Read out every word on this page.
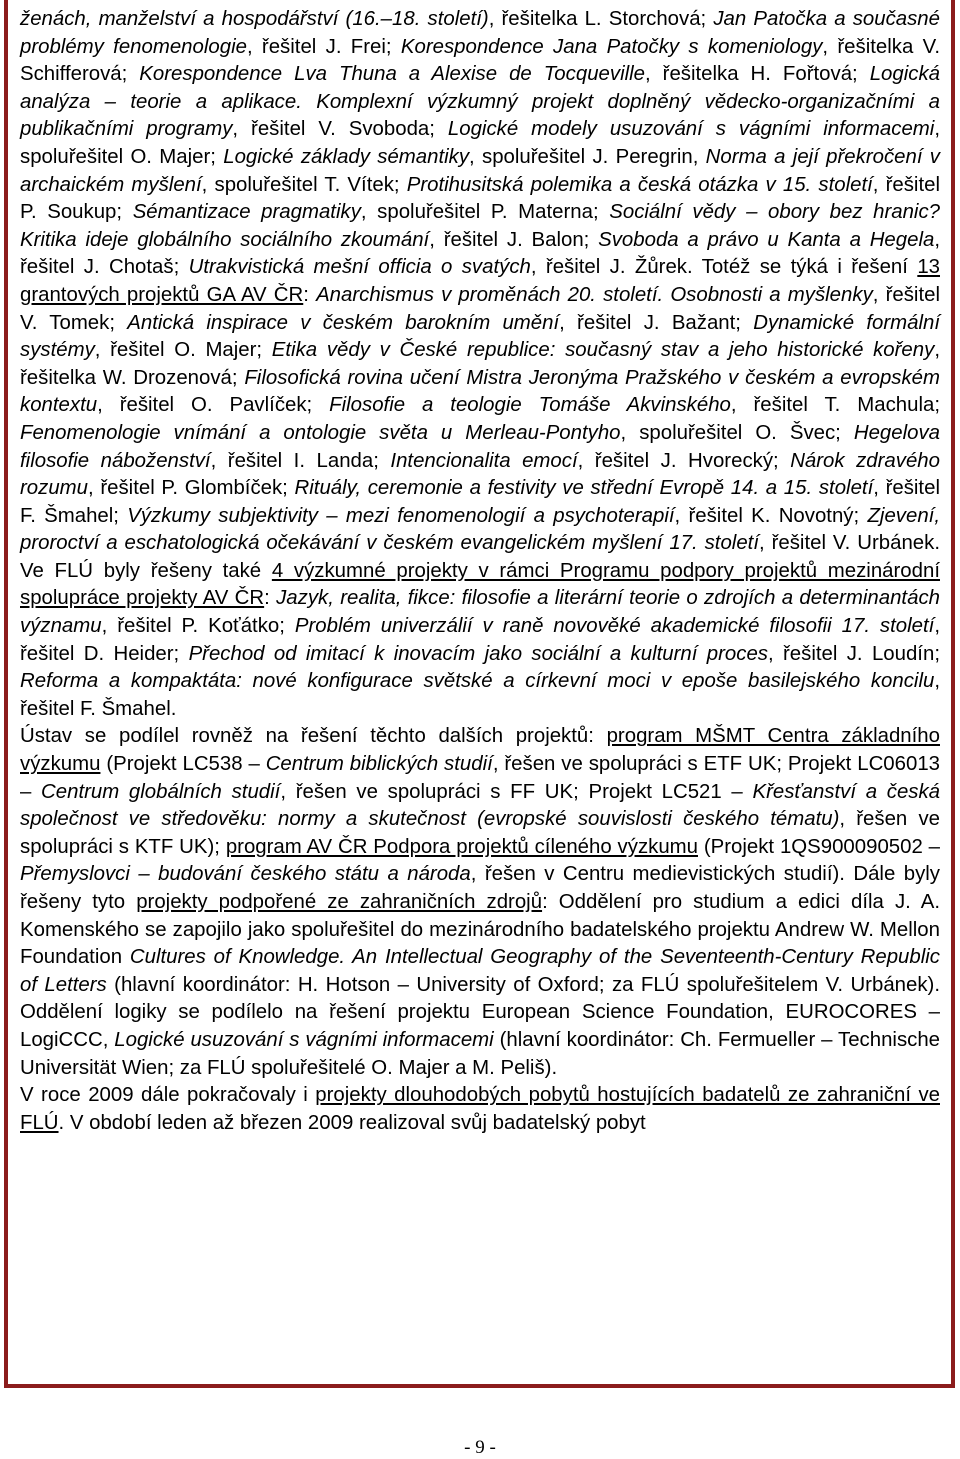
ženách, manželství a hospodářství (16.–18. století), řešitelka L. Storchová; Jan Patočka a současné problémy fenomenologie, řešitel J. Frei; Korespondence Jana Patočky s komeniology, řešitelka V. Schifferová; Korespondence Lva Thuna a Alexise de Tocqueville, řešitelka H. Fořtová; Logická analýza – teorie a aplikace. Komplexní výzkumný projekt doplněný vědecko-organizačními a publikačními programy, řešitel V. Svoboda; Logické modely usuzování s vágními informacemi, spoluřešitel O. Majer; Logické základy sémantiky, spoluřešitel J. Peregrin, Norma a její překročení v archaickém myšlení, spoluřešitel T. Vítek; Protihusitská polemika a česká otázka v 15. století, řešitel P. Soukup; Sémantizace pragmatiky, spoluřešitel P. Materna; Sociální vědy – obory bez hranic? Kritika ideje globálního sociálního zkoumání, řešitel J. Balon; Svoboda a právo u Kanta a Hegela, řešitel J. Chotaš; Utrakvistická mešní officia o svatých, řešitel J. Žůrek. Totéž se týká i řešení 13 grantových projektů GA AV ČR: Anarchismus v proměnách 20. století. Osobnosti a myšlenky, řešitel V. Tomek; Antická inspirace v českém barokním umění, řešitel J. Bažant; Dynamické formální systémy, řešitel O. Majer; Etika vědy v České republice: současný stav a jeho historické kořeny, řešitelka W. Drozenová; Filosofická rovina učení Mistra Jeronýma Pražského v českém a evropském kontextu, řešitel O. Pavlíček; Filosofie a teologie Tomáše Akvinského, řešitel T. Machula; Fenomenologie vnímání a ontologie světa u Merleau-Pontyho, spoluřešitel O. Švec; Hegelova filosofie náboženství, řešitel I. Landa; Intencionalita emocí, řešitel J. Hvorecký; Nárok zdravého rozumu, řešitel P. Glombíček; Rituály, ceremonie a festivity ve střední Evropě 14. a 15. století, řešitel F. Šmahel; Výzkumy subjektivity – mezi fenomenologií a psychoterapií, řešitel K. Novotný; Zjevení, proroctví a eschatologická očekávání v českém evangelickém myšlení 17. století, řešitel V. Urbánek. Ve FLÚ byly řešeny také 4 výzkumné projekty v rámci Programu podpory projektů mezinárodní spolupráce projekty AV ČR: Jazyk, realita, fikce: filosofie a literární teorie o zdrojích a determinantách významu, řešitel P. Koťátko; Problém univerzálií v raně novověké akademické filosofii 17. století, řešitel D. Heider; Přechod od imitací k inovacím jako sociální a kulturní proces, řešitel J. Loudín; Reforma a kompaktáta: nové konfigurace světské a církevní moci v epoše basilejského koncilu, řešitel F. Šmahel.

Ústav se podílel rovněž na řešení těchto dalších projektů: program MŠMT Centra základního výzkumu (Projekt LC538 – Centrum biblických studií, řešen ve spolupráci s ETF UK; Projekt LC06013 – Centrum globálních studií, řešen ve spolupráci s FF UK; Projekt LC521 – Křesťanství a česká společnost ve středověku: normy a skutečnost (evropské souvislosti českého tématu), řešen ve spolupráci s KTF UK); program AV ČR Podpora projektů cíleného výzkumu (Projekt 1QS900090502 – Přemyslovci – budování českého státu a národa, řešen v Centru medievistických studií). Dále byly řešeny tyto projekty podpořené ze zahraničních zdrojů: Oddělení pro studium a edici díla J. A. Komenského se zapojilo jako spoluřešitel do mezinárodního badatelského projektu Andrew W. Mellon Foundation Cultures of Knowledge. An Intellectual Geography of the Seventeenth-Century Republic of Letters (hlavní koordinátor: H. Hotson – University of Oxford; za FLÚ spoluřešitelem V. Urbánek). Oddělení logiky se podílelo na řešení projektu European Science Foundation, EUROCORES – LogiCCC, Logické usuzování s vágními informacemi (hlavní koordinátor: Ch. Fermueller – Technische Universität Wien; za FLÚ spoluřešitelé O. Majer a M. Peliš).

V roce 2009 dále pokračovaly i projekty dlouhodobých pobytů hostujících badatelů ze zahraniční ve FLÚ. V období leden až březen 2009 realizoval svůj badatelský pobyt

- 9 -
